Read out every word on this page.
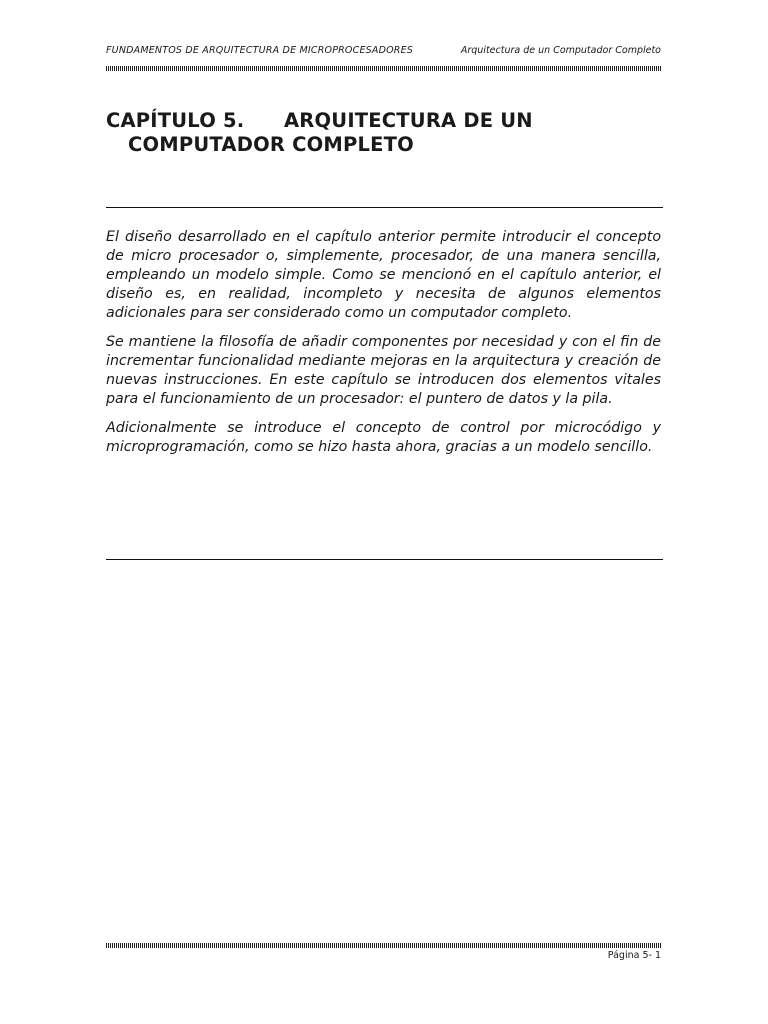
FUNDAMENTOS DE ARQUITECTURA DE MICROPROCESADORES	Arquitectura de un Computador Completo
CAPÍTULO 5. ARQUITECTURA DE UN
COMPUTADOR COMPLETO

El diseño desarrollado en el capítulo anterior permite introducir el concepto de micro procesador o, simplemente, procesador, de una manera sencilla, empleando un modelo simple. Como se mencionó en el capítulo anterior, el diseño es, en realidad, incompleto y necesita de algunos elementos adicionales para ser considerado como un computador completo.

Se mantiene la filosofía de añadir componentes por necesidad y con el fin de incrementar funcionalidad mediante mejoras en la arquitectura y creación de nuevas instrucciones. En este capítulo se introducen dos elementos vitales para el funcionamiento de un procesador: el puntero de datos y la pila.

Adicionalmente se introduce el concepto de control por microcódigo y microprogramación, como se hizo hasta ahora, gracias a un modelo sencillo.

Página 5- 1
